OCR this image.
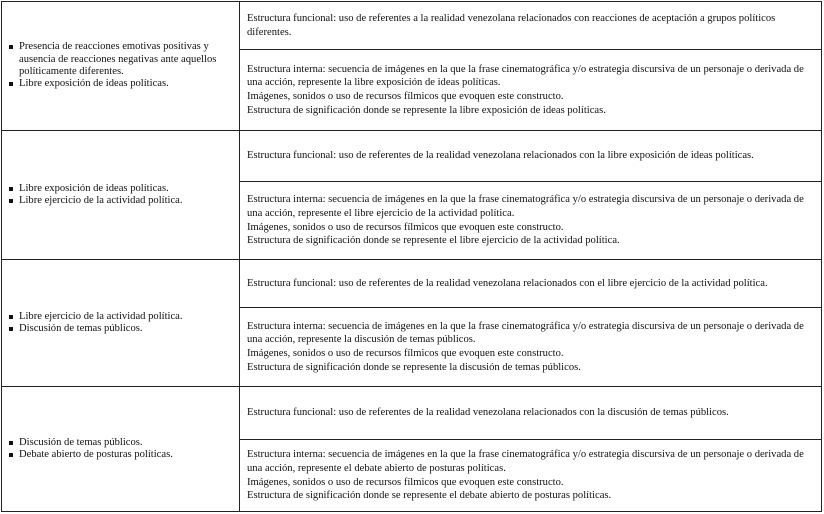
Presencia de reacciones emotivas positivas y ausencia de reacciones negativas ante aquellos políticamente diferentes.
Libre exposición de ideas políticas.

Estructura funcional: uso de referentes a la realidad venezolana relacionados con reacciones de aceptación a grupos políticos diferentes.

Estructura interna: secuencia de imágenes en la que la frase cinematográfica y/o estrategia discursiva de un personaje o derivada de una acción, represente la libre exposición de ideas políticas.
Imágenes, sonidos o uso de recursos fílmicos que evoquen este constructo.
Estructura de significación donde se represente la libre exposición de ideas políticas.

Libre exposición de ideas políticas.
Libre ejercicio de la actividad política.

Estructura funcional: uso de referentes de la realidad venezolana relacionados con la libre exposición de ideas políticas.

Estructura interna: secuencia de imágenes en la que la frase cinematográfica y/o estrategia discursiva de un personaje o derivada de una acción, represente el libre ejercicio de la actividad política.
Imágenes, sonidos o uso de recursos fílmicos que evoquen este constructo.
Estructura de significación donde se represente el libre ejercicio de la actividad política.

Libre ejercicio de la actividad política.
Discusión de temas públicos.

Estructura funcional: uso de referentes de la realidad venezolana relacionados con el libre ejercicio de la actividad política.

Estructura interna: secuencia de imágenes en la que la frase cinematográfica y/o estrategia discursiva de un personaje o derivada de una acción, represente la discusión de temas públicos.
Imágenes, sonidos o uso de recursos fílmicos que evoquen este constructo.
Estructura de significación donde se represente la discusión de temas públicos.

Discusión de temas públicos.
Debate abierto de posturas políticas.

Estructura funcional: uso de referentes de la realidad venezolana relacionados con la discusión de temas públicos.

Estructura interna: secuencia de imágenes en la que la frase cinematográfica y/o estrategia discursiva de un personaje o derivada de una acción, represente el debate abierto de posturas políticas.
Imágenes, sonidos o uso de recursos fílmicos que evoquen este constructo.
Estructura de significación donde se represente el debate abierto de posturas políticas.
